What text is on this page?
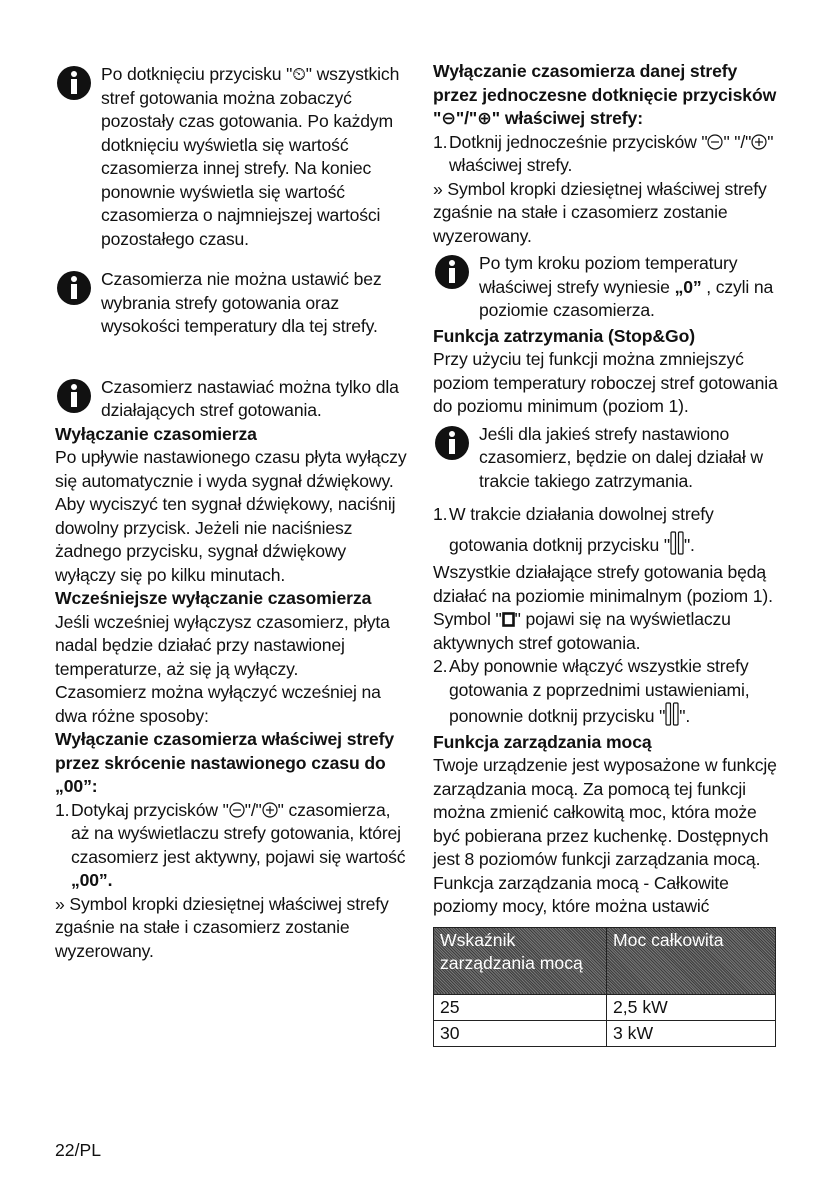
Po dotknięciu przycisku "⏲" wszystkich stref gotowania można zobaczyć pozostały czas gotowania. Po każdym dotknięciu wyświetla się wartość czasomierza innej strefy. Na koniec ponownie wyświetla się wartość czasomierza o najmniejszej wartości pozostałego czasu.

Czasomierza nie można ustawić bez wybrania strefy gotowania oraz wysokości temperatury dla tej strefy.

Czasomierz nastawiać można tylko dla działających stref gotowania.

Wyłączanie czasomierza

Po upływie nastawionego czasu płyta wyłączy się automatycznie i wyda sygnał dźwiękowy. Aby wyciszyć ten sygnał dźwiękowy, naciśnij dowolny przycisk. Jeżeli nie naciśniesz żadnego przycisku, sygnał dźwiękowy wyłączy się po kilku minutach.

Wcześniejsze wyłączanie czasomierza

Jeśli wcześniej wyłączysz czasomierz, płyta nadal będzie działać przy nastawionej temperaturze, aż się ją wyłączy.

Czasomierz można wyłączyć wcześniej na dwa różne sposoby:

Wyłączanie czasomierza właściwej strefy przez skrócenie nastawionego czasu do „00”:
1. Dotykaj przycisków " "/" " czasomierza, aż na wyświetlaczu strefy gotowania, której czasomierz jest aktywny, pojawi się wartość „00”.

» Symbol kropki dziesiętnej właściwej strefy zgaśnie na stałe i czasomierz zostanie wyzerowany.

Wyłączanie czasomierza danej strefy przez jednoczesne dotknięcie przycisków "⊖"/"⊕" właściwej strefy:
1. Dotknij jednocześnie przycisków " " "/" " właściwej strefy.

» Symbol kropki dziesiętnej właściwej strefy zgaśnie na stałe i czasomierz zostanie wyzerowany.

Po tym kroku poziom temperatury właściwej strefy wyniesie „0” , czyli na poziomie czasomierza.

Funkcja zatrzymania (Stop&Go)

Przy użyciu tej funkcji można zmniejszyć poziom temperatury roboczej stref gotowania do poziomu minimum (poziom 1).

Jeśli dla jakieś strefy nastawiono czasomierz, będzie on dalej działał w trakcie takiego zatrzymania.

1. W trakcie działania dowolnej strefy gotowania dotknij przycisku " ".

Wszystkie działające strefy gotowania będą działać na poziomie minimalnym (poziom 1). Symbol " " pojawi się na wyświetlaczu aktywnych stref gotowania.

2. Aby ponownie włączyć wszystkie strefy gotowania z poprzednimi ustawieniami, ponownie dotknij przycisku " ".
Funkcja zarządzania mocą

Twoje urządzenie jest wyposażone w funkcję zarządzania mocą. Za pomocą tej funkcji można zmienić całkowitą moc, która może być pobierana przez kuchenkę. Dostępnych jest 8 poziomów funkcji zarządzania mocą.

Funkcja zarządzania mocą - Całkowite poziomy mocy, które można ustawić

Wskaźnik zarządzania mocą	Moc całkowita
25	2,5 kW
30	3 kW
22/PL
